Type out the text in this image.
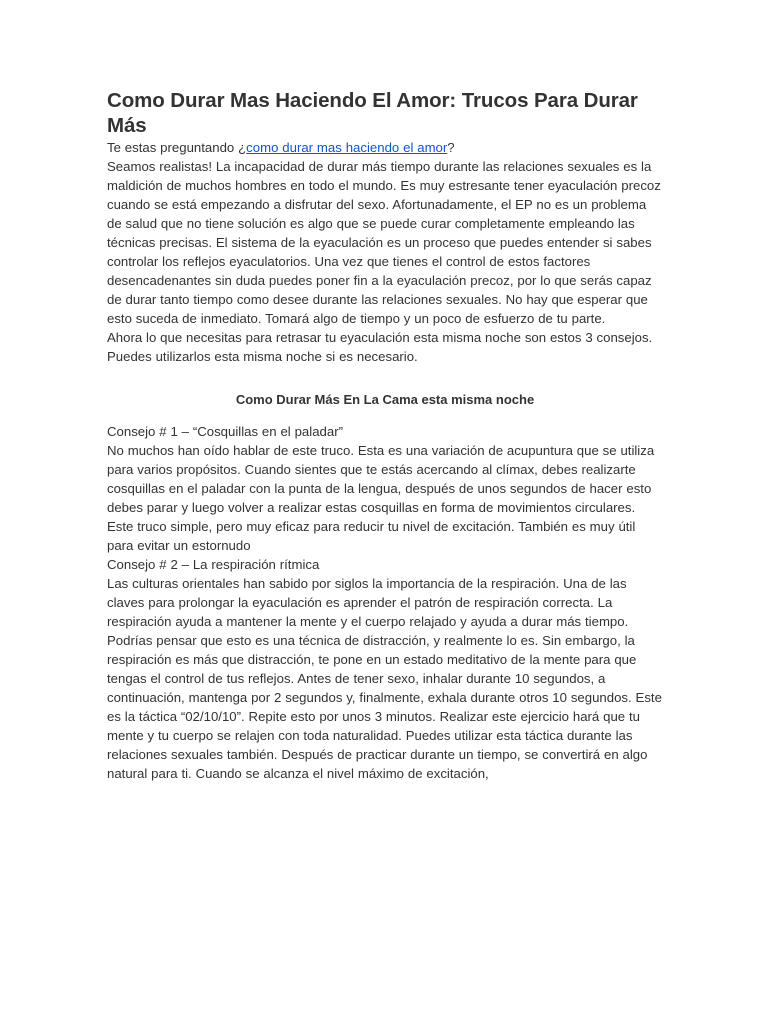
Como Durar Mas Haciendo El Amor: Trucos Para Durar Más

Te estas preguntando ¿como durar mas haciendo el amor?

Seamos realistas! La incapacidad de durar más tiempo durante las relaciones sexuales es la maldición de muchos hombres en todo el mundo. Es muy estresante tener eyaculación precoz cuando se está empezando a disfrutar del sexo. Afortunadamente, el EP no es un problema de salud que no tiene solución es algo que se puede curar completamente empleando las técnicas precisas. El sistema de la eyaculación es un proceso que puedes entender si sabes controlar los reflejos eyaculatorios. Una vez que tienes el control de estos factores desencadenantes sin duda puedes poner fin a la eyaculación precoz, por lo que serás capaz de durar tanto tiempo como desee durante las relaciones sexuales. No hay que esperar que esto suceda de inmediato. Tomará algo de tiempo y un poco de esfuerzo de tu parte.

Ahora lo que necesitas para retrasar tu eyaculación esta misma noche son estos 3 consejos. Puedes utilizarlos esta misma noche si es necesario.

Como Durar Más En La Cama esta misma noche

Consejo # 1 – “Cosquillas en el paladar”

No muchos han oído hablar de este truco. Esta es una variación de acupuntura que se utiliza para varios propósitos. Cuando sientes que te estás acercando al clímax, debes realizarte cosquillas en el paladar con la punta de la lengua, después de unos segundos de hacer esto debes parar y luego volver a realizar estas cosquillas en forma de movimientos circulares. Este truco simple, pero muy eficaz para reducir tu nivel de excitación. También es muy útil para evitar un estornudo

Consejo # 2 – La respiración rítmica

Las culturas orientales han sabido por siglos la importancia de la respiración. Una de las claves para prolongar la eyaculación es aprender el patrón de respiración correcta. La respiración ayuda a mantener la mente y el cuerpo relajado y ayuda a durar más tiempo. Podrías pensar que esto es una técnica de distracción, y realmente lo es. Sin embargo, la respiración es más que distracción, te pone en un estado meditativo de la mente para que tengas el control de tus reflejos. Antes de tener sexo, inhalar durante 10 segundos, a continuación, mantenga por 2 segundos y, finalmente, exhala durante otros 10 segundos. Este es la táctica “02/10/10”. Repite esto por unos 3 minutos. Realizar este ejercicio hará que tu mente y tu cuerpo se relajen con toda naturalidad. Puedes utilizar esta táctica durante las relaciones sexuales también. Después de practicar durante un tiempo, se convertirá en algo natural para ti. Cuando se alcanza el nivel máximo de excitación,
